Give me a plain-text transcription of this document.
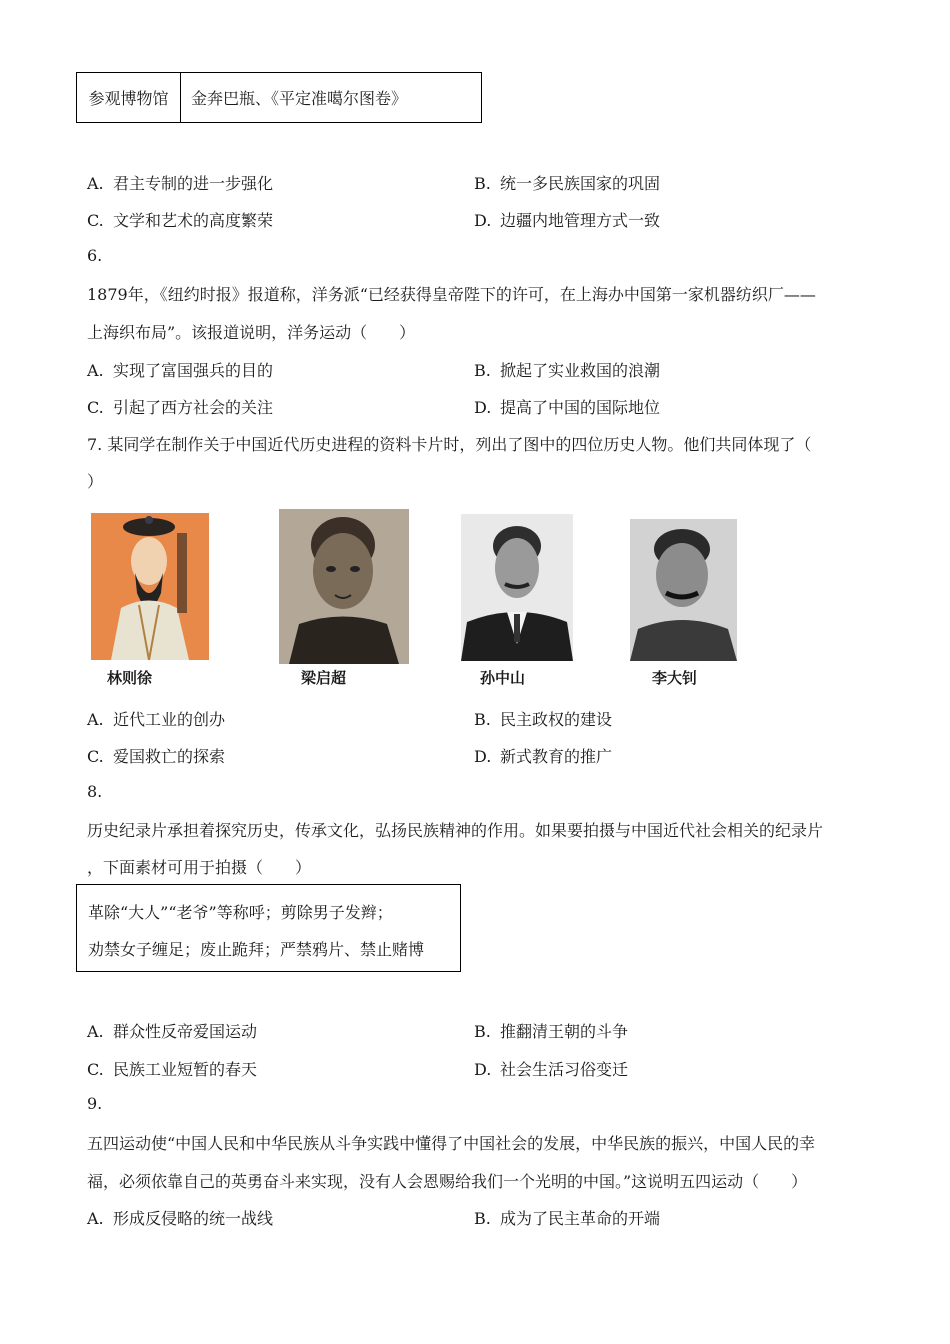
参观博物馆	金奔巴瓶、《平定准噶尔图卷》
A. 君主专制的进一步强化	B. 统一多民族国家的巩固
C. 文学和艺术的高度繁荣	D. 边疆内地管理方式一致
6.
1879年，《纽约时报》报道称，洋务派“已经获得皇帝陛下的许可，在上海办中国第一家机器纺织厂——
上海织布局”。该报道说明，洋务运动（　　）
A. 实现了富国强兵的目的	B. 掀起了实业救国的浪潮
C. 引起了西方社会的关注	D. 提高了中国的国际地位
7. 某同学在制作关于中国近代历史进程的资料卡片时，列出了图中的四位历史人物。他们共同体现了（
）
林则徐	梁启超	孙中山	李大钊
A. 近代工业的创办	B. 民主政权的建设
C. 爱国救亡的探索	D. 新式教育的推广
8.
历史纪录片承担着探究历史，传承文化，弘扬民族精神的作用。如果要拍摄与中国近代社会相关的纪录片
，下面素材可用于拍摄（　　）
革除“大人”“老爷”等称呼；剪除男子发辫；
劝禁女子缠足；废止跪拜；严禁鸦片、禁止赌博
A. 群众性反帝爱国运动	B. 推翻清王朝的斗争
C. 民族工业短暂的春天	D. 社会生活习俗变迁
9.
五四运动使“中国人民和中华民族从斗争实践中懂得了中国社会的发展，中华民族的振兴，中国人民的幸
福，必须依靠自己的英勇奋斗来实现，没有人会恩赐给我们一个光明的中国。”这说明五四运动（　　）
A. 形成反侵略的统一战线	B. 成为了民主革命的开端
